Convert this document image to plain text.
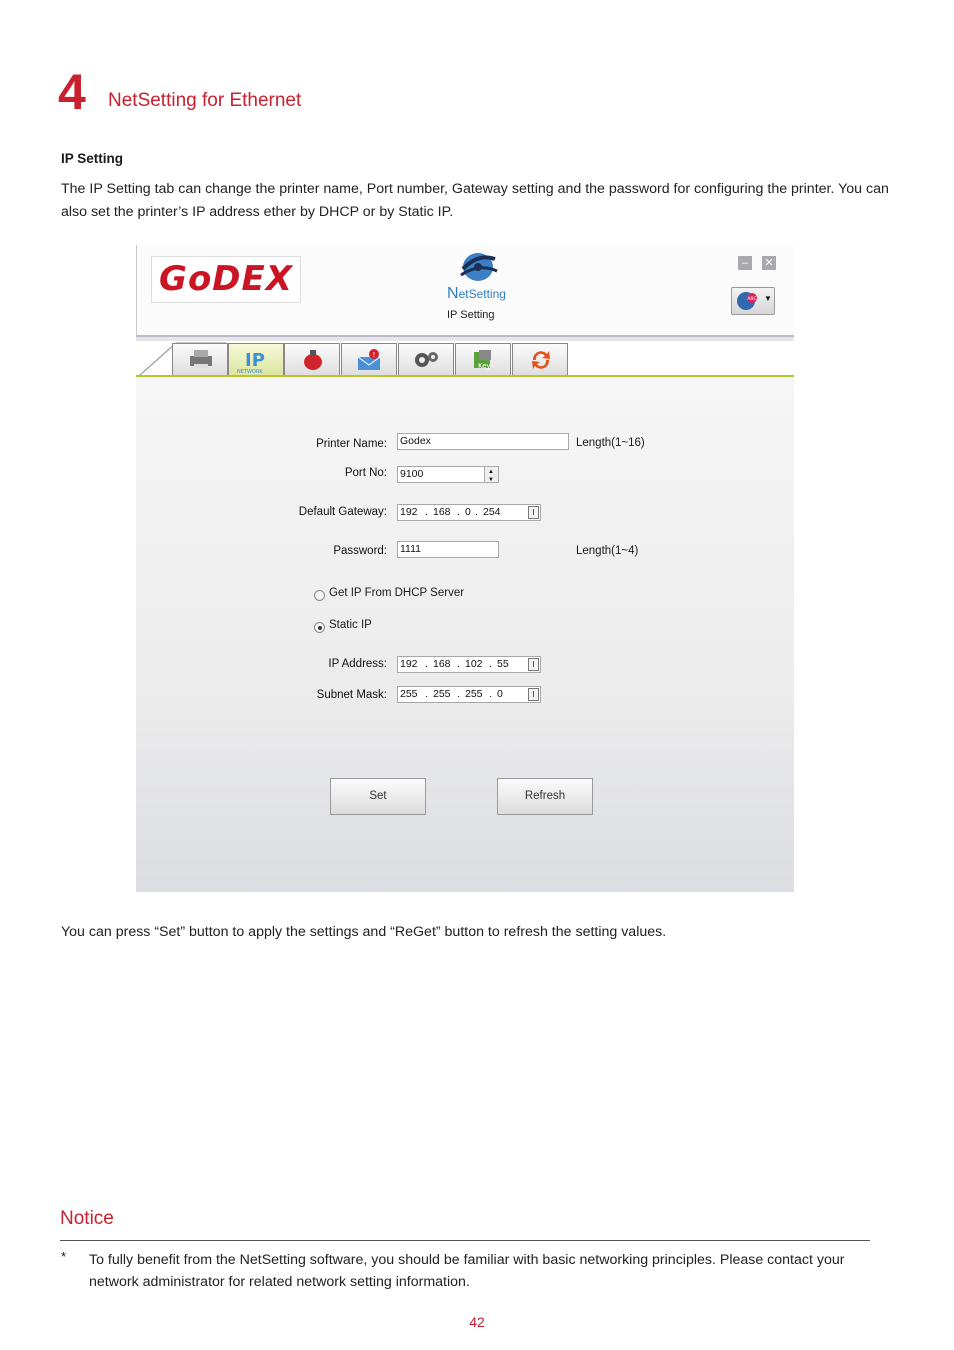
4 NetSetting for Ethernet
IP Setting
The IP Setting tab can change the printer name, Port number, Gateway setting and the password for configuring the printer. You can also set the printer’s IP address ether by DHCP or by Static IP.
GoDEX	NetSetting
IP Setting
–	✕
ABC ▼
IP
NETWORK
!
Key
Printer Name: Godex	Length(1~16)
Port No: 9100	▲
▼
Default Gateway: 192 . 168 . 0 . 254	I
Password: 1111	Length(1~4)
Get IP From DHCP Server
Static IP
IP Address: 192 . 168 . 102 . 55	I
Subnet Mask: 255 . 255 . 255 . 0	I
Set	Refresh
You can press “Set” button to apply the settings and “ReGet” button to refresh the setting values.
Notice
* To fully benefit from the NetSetting software, you should be familiar with basic networking principles. Please contact your network administrator for related network setting information.
42
